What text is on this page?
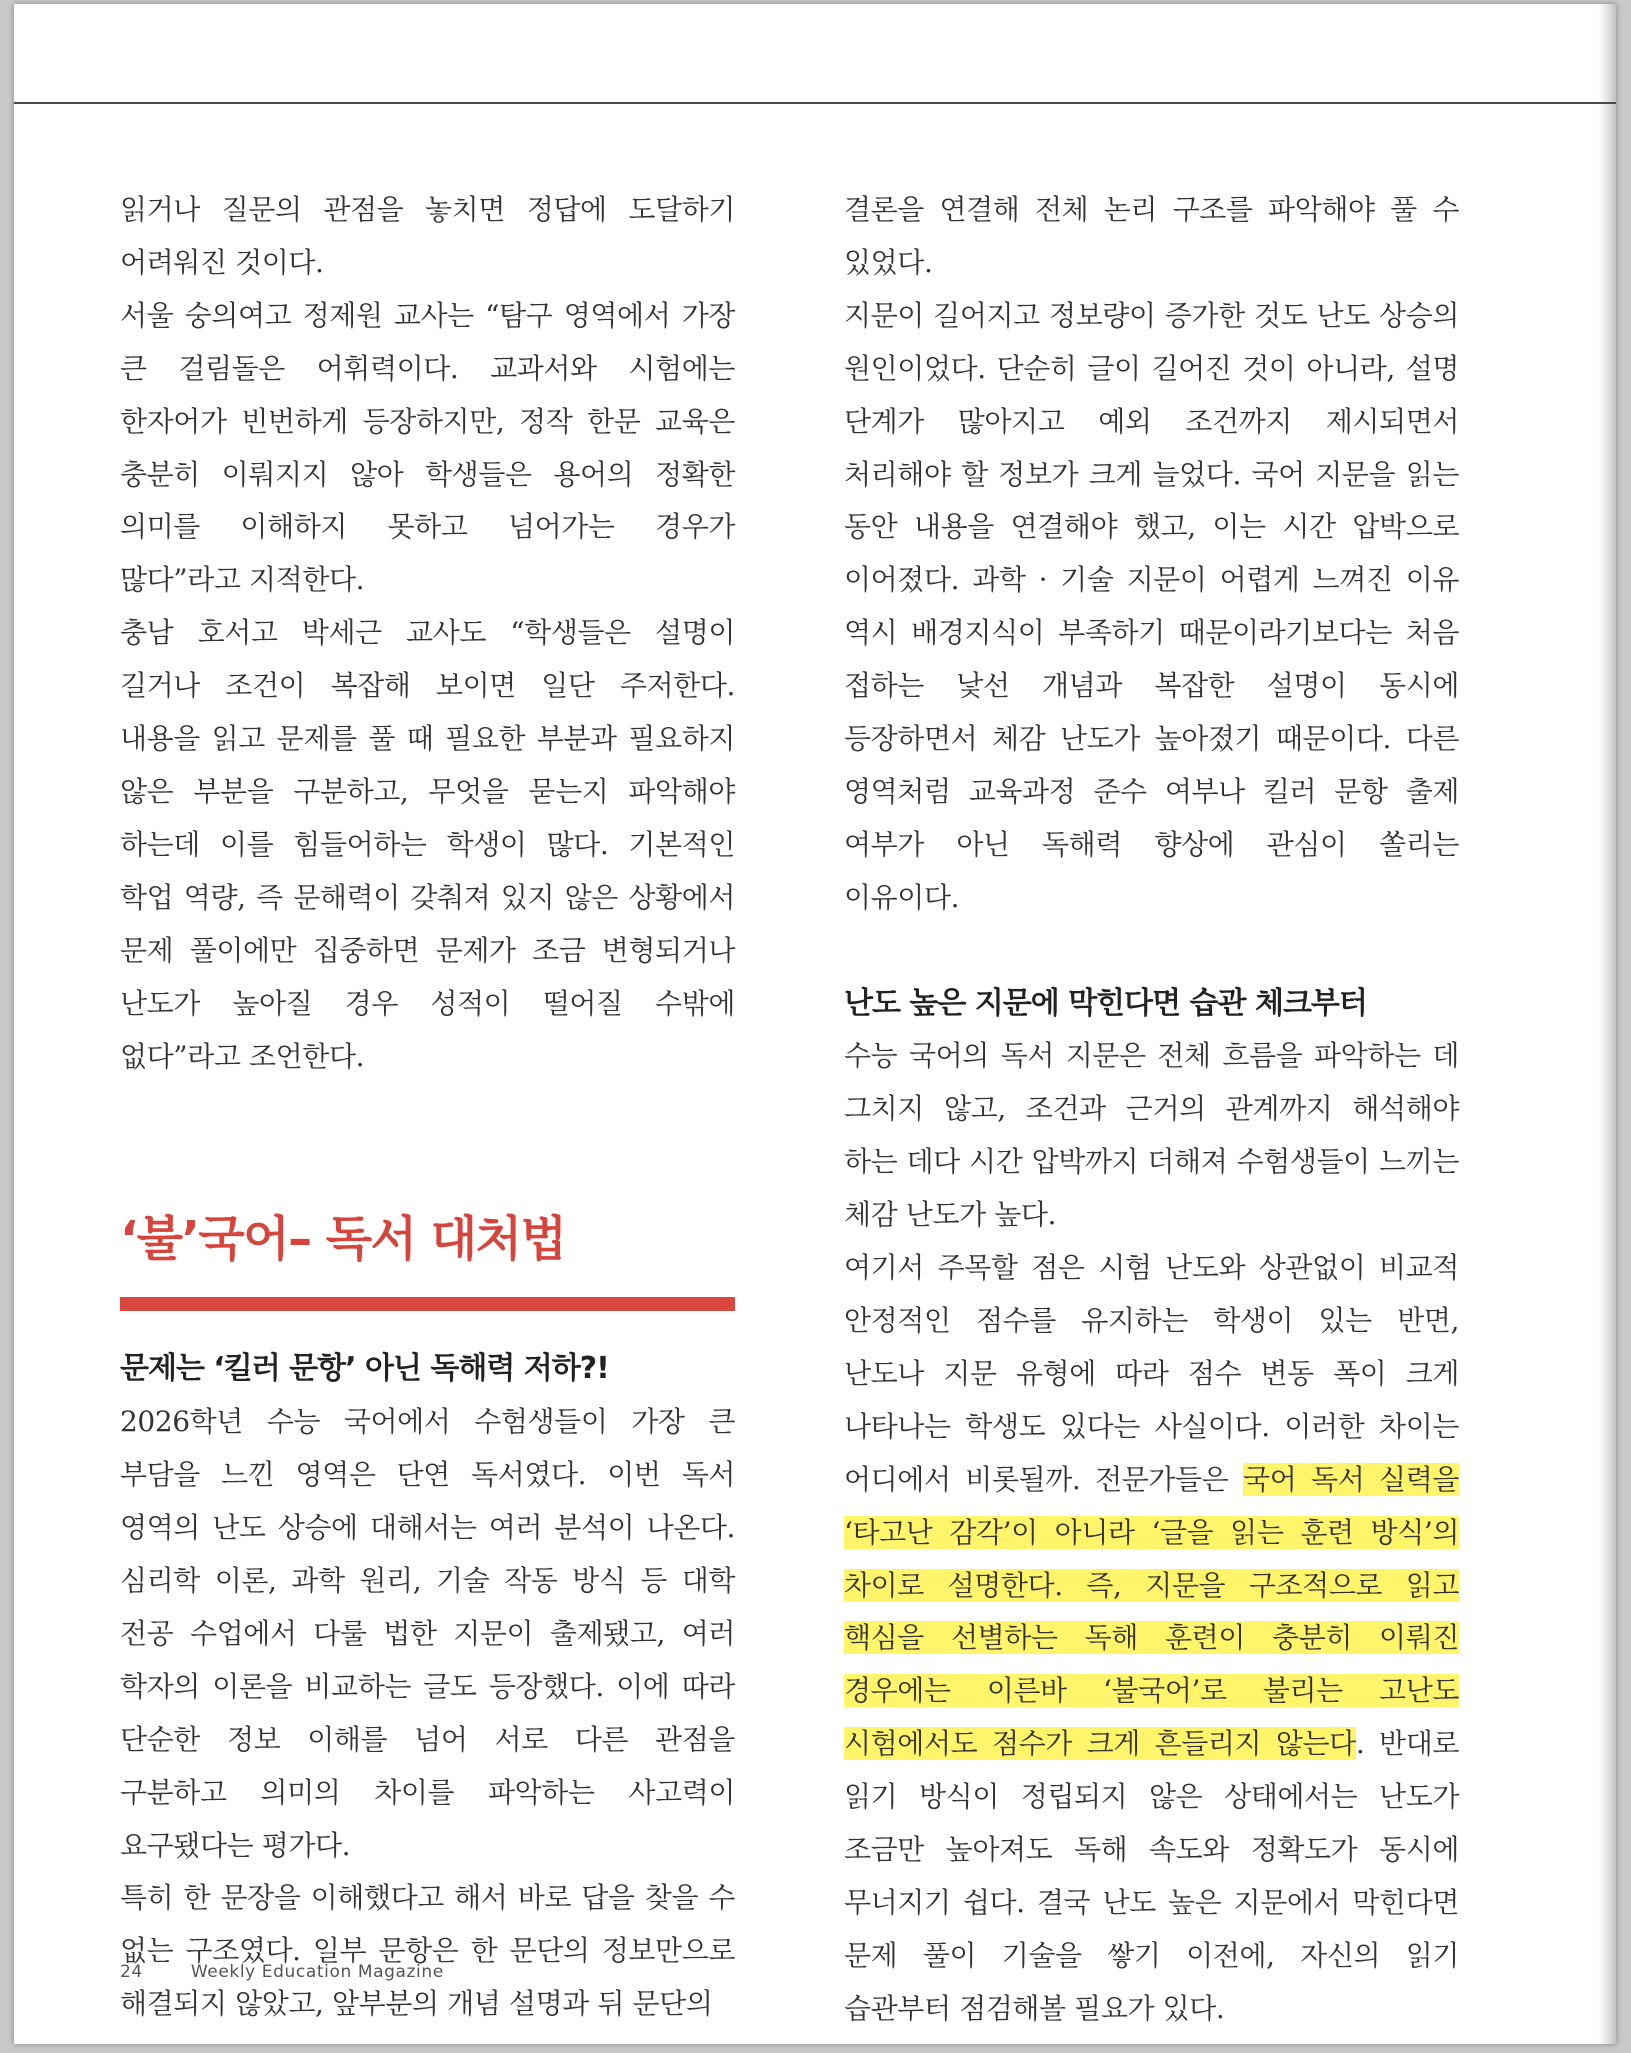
읽거나 질문의 관점을 놓치면 정답에 도달하기 어려워진 것이다.

서울 숭의여고 정제원 교사는 “탐구 영역에서 가장 큰 걸림돌은 어휘력이다. 교과서와 시험에는 한자어가 빈번하게 등장하지만, 정작 한문 교육은 충분히 이뤄지지 않아 학생들은 용어의 정확한 의미를 이해하지 못하고 넘어가는 경우가 많다”라고 지적한다.

충남 호서고 박세근 교사도 “학생들은 설명이 길거나 조건이 복잡해 보이면 일단 주저한다. 내용을 읽고 문제를 풀 때 필요한 부분과 필요하지 않은 부분을 구분하고, 무엇을 묻는지 파악해야 하는데 이를 힘들어하는 학생이 많다. 기본적인 학업 역량, 즉 문해력이 갖춰져 있지 않은 상황에서 문제 풀이에만 집중하면 문제가 조금 변형되거나 난도가 높아질 경우 성적이 떨어질 수밖에 없다”라고 조언한다.

‘불’국어– 독서 대처법

문제는 ‘킬러 문항’ 아닌 독해력 저하?!

2026학년 수능 국어에서 수험생들이 가장 큰 부담을 느낀 영역은 단연 독서였다. 이번 독서 영역의 난도 상승에 대해서는 여러 분석이 나온다. 심리학 이론, 과학 원리, 기술 작동 방식 등 대학 전공 수업에서 다룰 법한 지문이 출제됐고, 여러 학자의 이론을 비교하는 글도 등장했다. 이에 따라 단순한 정보 이해를 넘어 서로 다른 관점을 구분하고 의미의 차이를 파악하는 사고력이 요구됐다는 평가다.

특히 한 문장을 이해했다고 해서 바로 답을 찾을 수 없는 구조였다. 일부 문항은 한 문단의 정보만으로 해결되지 않았고, 앞부분의 개념 설명과 뒤 문단의

결론을 연결해 전체 논리 구조를 파악해야 풀 수 있었다.

지문이 길어지고 정보량이 증가한 것도 난도 상승의 원인이었다. 단순히 글이 길어진 것이 아니라, 설명 단계가 많아지고 예외 조건까지 제시되면서 처리해야 할 정보가 크게 늘었다. 국어 지문을 읽는 동안 내용을 연결해야 했고, 이는 시간 압박으로 이어졌다. 과학 · 기술 지문이 어렵게 느껴진 이유 역시 배경지식이 부족하기 때문이라기보다는 처음 접하는 낯선 개념과 복잡한 설명이 동시에 등장하면서 체감 난도가 높아졌기 때문이다. 다른 영역처럼 교육과정 준수 여부나 킬러 문항 출제 여부가 아닌 독해력 향상에 관심이 쏠리는 이유이다.

난도 높은 지문에 막힌다면 습관 체크부터

수능 국어의 독서 지문은 전체 흐름을 파악하는 데 그치지 않고, 조건과 근거의 관계까지 해석해야 하는 데다 시간 압박까지 더해져 수험생들이 느끼는 체감 난도가 높다.

여기서 주목할 점은 시험 난도와 상관없이 비교적 안정적인 점수를 유지하는 학생이 있는 반면, 난도나 지문 유형에 따라 점수 변동 폭이 크게 나타나는 학생도 있다는 사실이다. 이러한 차이는 어디에서 비롯될까. 전문가들은 국어 독서 실력을 ‘타고난 감각’이 아니라 ‘글을 읽는 훈련 방식’의 차이로 설명한다. 즉, 지문을 구조적으로 읽고 핵심을 선별하는 독해 훈련이 충분히 이뤄진 경우에는 이른바 ‘불국어’로 불리는 고난도 시험에서도 점수가 크게 흔들리지 않는다. 반대로 읽기 방식이 정립되지 않은 상태에서는 난도가 조금만 높아져도 독해 속도와 정확도가 동시에 무너지기 쉽다. 결국 난도 높은 지문에서 막힌다면 문제 풀이 기술을 쌓기 이전에, 자신의 읽기 습관부터 점검해볼 필요가 있다.

24	Weekly Education Magazine
